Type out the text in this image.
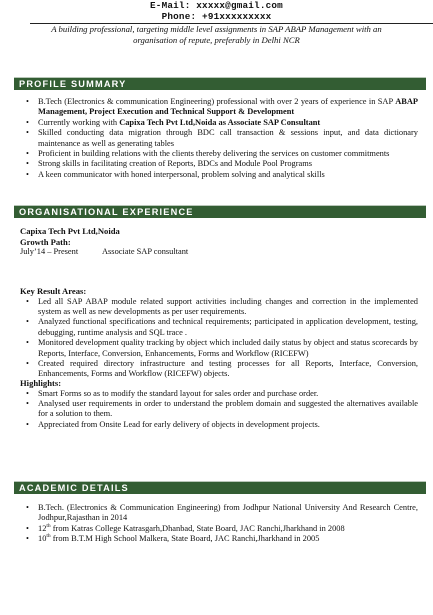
E-Mail: xxxxx@gmail.com
Phone: +91xxxxxxxxx
A building professional, targeting middle level assignments in SAP ABAP Management with an organisation of repute, preferably in Delhi NCR
PROFILE SUMMARY
• B.Tech (Electronics & communication Engineering) professional with over 2 years of experience in SAP ABAP Management, Project Execution and Technical Support & Development
• Currently working with Capixa Tech Pvt Ltd,Noida as Associate SAP Consultant
• Skilled conducting data migration through BDC call transaction & sessions input, and data dictionary maintenance as well as generating tables
• Proficient in building relations with the clients thereby delivering the services on customer commitments
• Strong skills in facilitating creation of Reports, BDCs and Module Pool Programs
• A keen communicator with honed interpersonal, problem solving and analytical skills
ORGANISATIONAL EXPERIENCE
Capixa Tech Pvt Ltd,Noida
Growth Path:
July’14 – Present	Associate SAP consultant
Key Result Areas:
• Led all SAP ABAP module related support activities including changes and correction in the implemented system as well as new developments as per user requirements.
• Analyzed functional specifications and technical requirements; participated in application development, testing, debugging, runtime analysis and SQL trace .
• Monitored development quality tracking by object which included daily status by object and status scorecards by Reports, Interface, Conversion, Enhancements, Forms and Workflow (RICEFW)
• Created required directory infrastructure and testing processes for all Reports, Interface, Conversion, Enhancements, Forms and Workflow (RICEFW) objects.
Highlights:
• Smart Forms so as to modify the standard layout for sales order and purchase order.
• Analysed user requirements in order to understand the problem domain and suggested the alternatives available for a solution to them.
• Appreciated from Onsite Lead for early delivery of objects in development projects.
ACADEMIC DETAILS
• B.Tech. (Electronics & Communication Engineering) from Jodhpur National University And Research Centre, Jodhpur,Rajasthan in 2014
• 12th from Katras College Katrasgarh,Dhanbad, State Board, JAC Ranchi,Jharkhand in 2008
• 10th from B.T.M High School Malkera, State Board, JAC Ranchi,Jharkhand in 2005
